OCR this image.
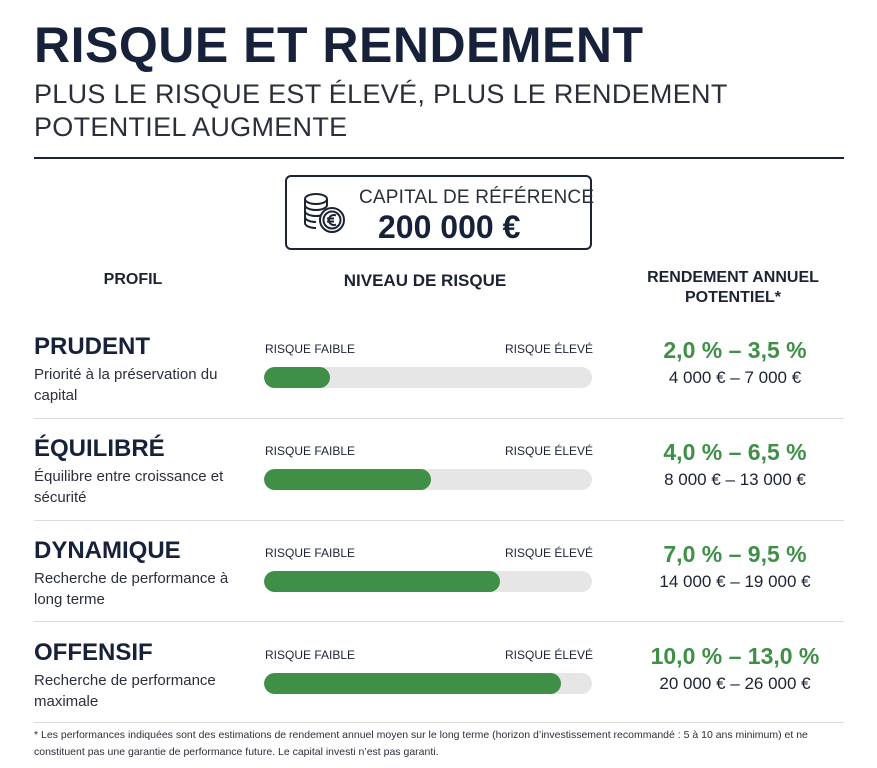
RISQUE ET RENDEMENT

PLUS LE RISQUE EST ÉLEVÉ, PLUS LE RENDEMENT POTENTIEL AUGMENTE

CAPITAL DE RÉFÉRENCE
200 000 €
PROFIL	NIVEAU DE RISQUE	RENDEMENT ANNUEL POTENTIEL*
PRUDENT
Priorité à la préservation du capital
RISQUE FAIBLE	RISQUE ÉLEVÉ	2,0 % – 3,5 %
4 000 € – 7 000 €
ÉQUILIBRÉ
Équilibre entre croissance et sécurité
RISQUE FAIBLE	RISQUE ÉLEVÉ	4,0 % – 6,5 %
8 000 € – 13 000 €
DYNAMIQUE
Recherche de performance à long terme
RISQUE FAIBLE	RISQUE ÉLEVÉ	7,0 % – 9,5 %
14 000 € – 19 000 €
OFFENSIF
Recherche de performance maximale
RISQUE FAIBLE	RISQUE ÉLEVÉ	10,0 % – 13,0 %
20 000 € – 26 000 €

* Les performances indiquées sont des estimations de rendement annuel moyen sur le long terme (horizon d’investissement recommandé : 5 à 10 ans minimum) et ne constituent pas une garantie de performance future. Le capital investi n’est pas garanti.
